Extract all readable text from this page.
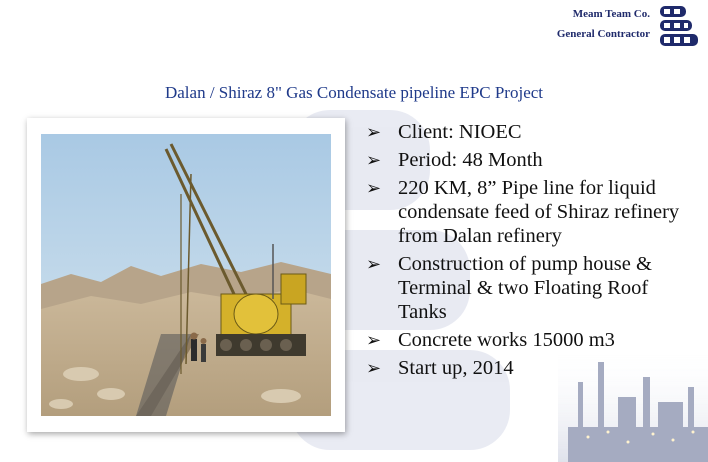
Meam Team Co.
General Contractor
Dalan / Shiraz 8" Gas Condensate pipeline EPC Project
➢ Client: NIOEC
➢ Period: 48 Month
➢ 220 KM, 8” Pipe line for liquid condensate feed of Shiraz refinery from Dalan refinery
➢ Construction of pump house & Terminal & two Floating Roof Tanks
➢ Concrete works 15000 m3
➢ Start up, 2014
